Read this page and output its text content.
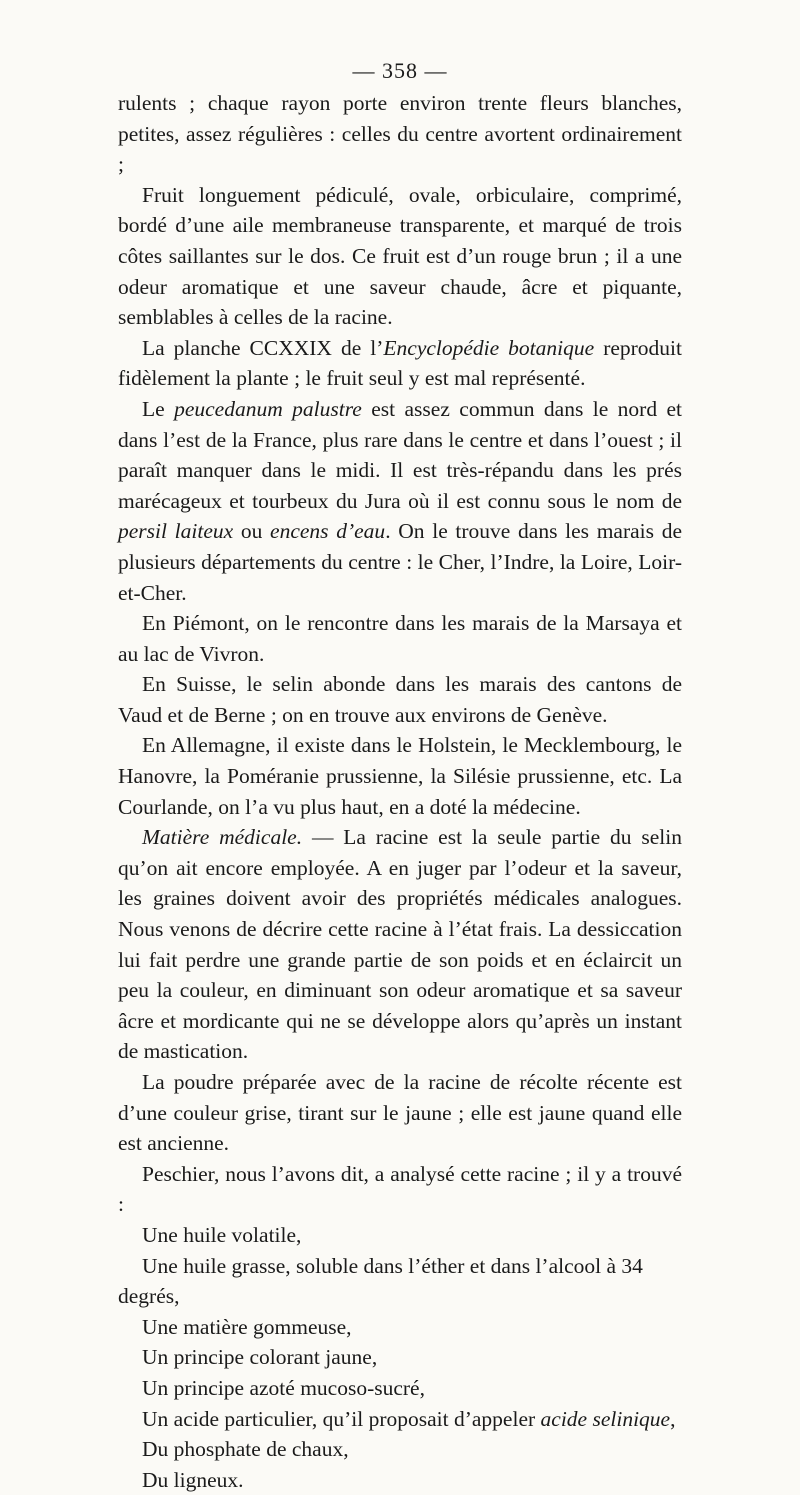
— 358 —

rulents ; chaque rayon porte environ trente fleurs blanches, petites, assez régulières : celles du centre avortent ordinairement ;

Fruit longuement pédiculé, ovale, orbiculaire, comprimé, bordé d’une aile membraneuse transparente, et marqué de trois côtes saillantes sur le dos. Ce fruit est d’un rouge brun ; il a une odeur aromatique et une saveur chaude, âcre et piquante, semblables à celles de la racine.

La planche CCXXIX de l’Encyclopédie botanique reproduit fidèlement la plante ; le fruit seul y est mal représenté.

Le peucedanum palustre est assez commun dans le nord et dans l’est de la France, plus rare dans le centre et dans l’ouest ; il paraît manquer dans le midi. Il est très-répandu dans les prés marécageux et tourbeux du Jura où il est connu sous le nom de persil laiteux ou encens d’eau. On le trouve dans les marais de plusieurs départements du centre : le Cher, l’Indre, la Loire, Loir-et-Cher.

En Piémont, on le rencontre dans les marais de la Marsaya et au lac de Vivron.

En Suisse, le selin abonde dans les marais des cantons de Vaud et de Berne ; on en trouve aux environs de Genève.

En Allemagne, il existe dans le Holstein, le Mecklembourg, le Hanovre, la Poméranie prussienne, la Silésie prussienne, etc. La Courlande, on l’a vu plus haut, en a doté la médecine.

Matière médicale. — La racine est la seule partie du selin qu’on ait encore employée. A en juger par l’odeur et la saveur, les graines doivent avoir des propriétés médicales analogues. Nous venons de décrire cette racine à l’état frais. La dessiccation lui fait perdre une grande partie de son poids et en éclaircit un peu la couleur, en diminuant son odeur aromatique et sa saveur âcre et mordicante qui ne se développe alors qu’après un instant de mastication.

La poudre préparée avec de la racine de récolte récente est d’une couleur grise, tirant sur le jaune ; elle est jaune quand elle est ancienne.

Peschier, nous l’avons dit, a analysé cette racine ; il y a trouvé :

Une huile volatile,
Une huile grasse, soluble dans l’éther et dans l’alcool à 34 degrés,
Une matière gommeuse,
Un principe colorant jaune,
Un principe azoté mucoso-sucré,
Un acide particulier, qu’il proposait d’appeler acide selinique,
Du phosphate de chaux,
Du ligneux.
